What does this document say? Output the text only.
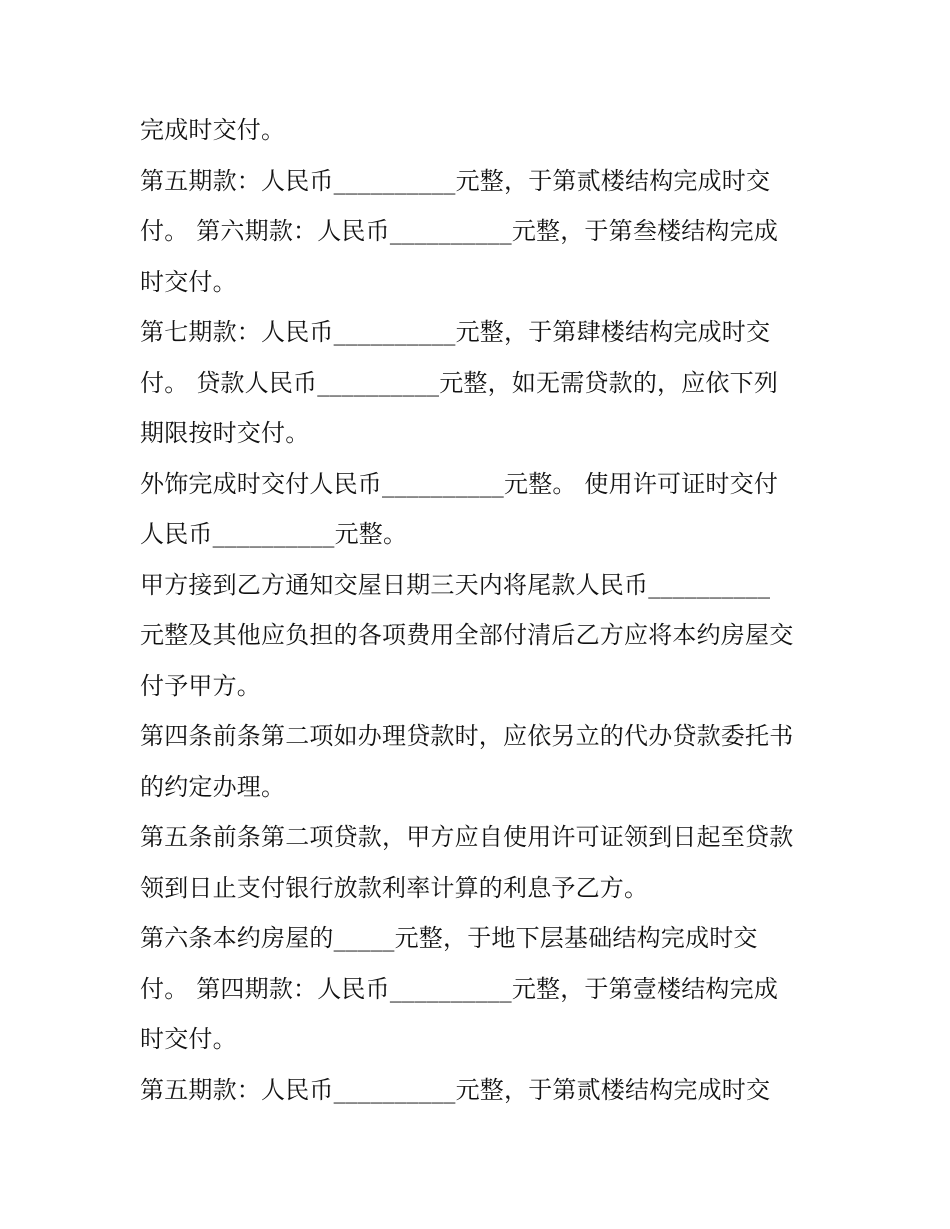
完成时交付。
第五期款：人民币__________元整，于第贰楼结构完成时交
付。 第六期款：人民币__________元整，于第叁楼结构完成
时交付。
第七期款：人民币__________元整，于第肆楼结构完成时交
付。 贷款人民币__________元整，如无需贷款的，应依下列
期限按时交付。
外饰完成时交付人民币__________元整。 使用许可证时交付
人民币__________元整。
甲方接到乙方通知交屋日期三天内将尾款人民币__________
元整及其他应负担的各项费用全部付清后乙方应将本约房屋交
付予甲方。
第四条前条第二项如办理贷款时，应依另立的代办贷款委托书
的约定办理。
第五条前条第二项贷款，甲方应自使用许可证领到日起至贷款
领到日止支付银行放款利率计算的利息予乙方。
第六条本约房屋的_____元整，于地下层基础结构完成时交
付。 第四期款：人民币__________元整，于第壹楼结构完成
时交付。
第五期款：人民币__________元整，于第贰楼结构完成时交
